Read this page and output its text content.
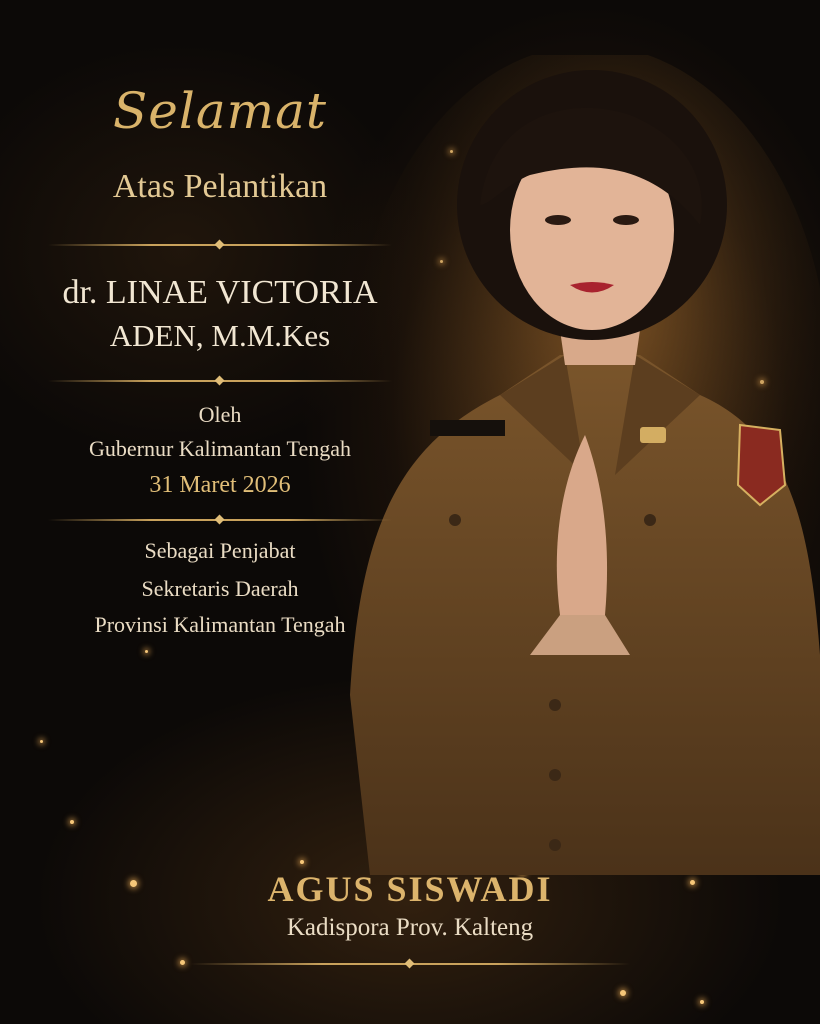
Selamat
Atas Pelantikan
dr. LINAE VICTORIA
ADEN, M.M.Kes
Oleh
Gubernur Kalimantan Tengah
31 Maret 2026
Sebagai Penjabat
Sekretaris Daerah
Provinsi Kalimantan Tengah
AGUS SISWADI
Kadispora Prov. Kalteng
